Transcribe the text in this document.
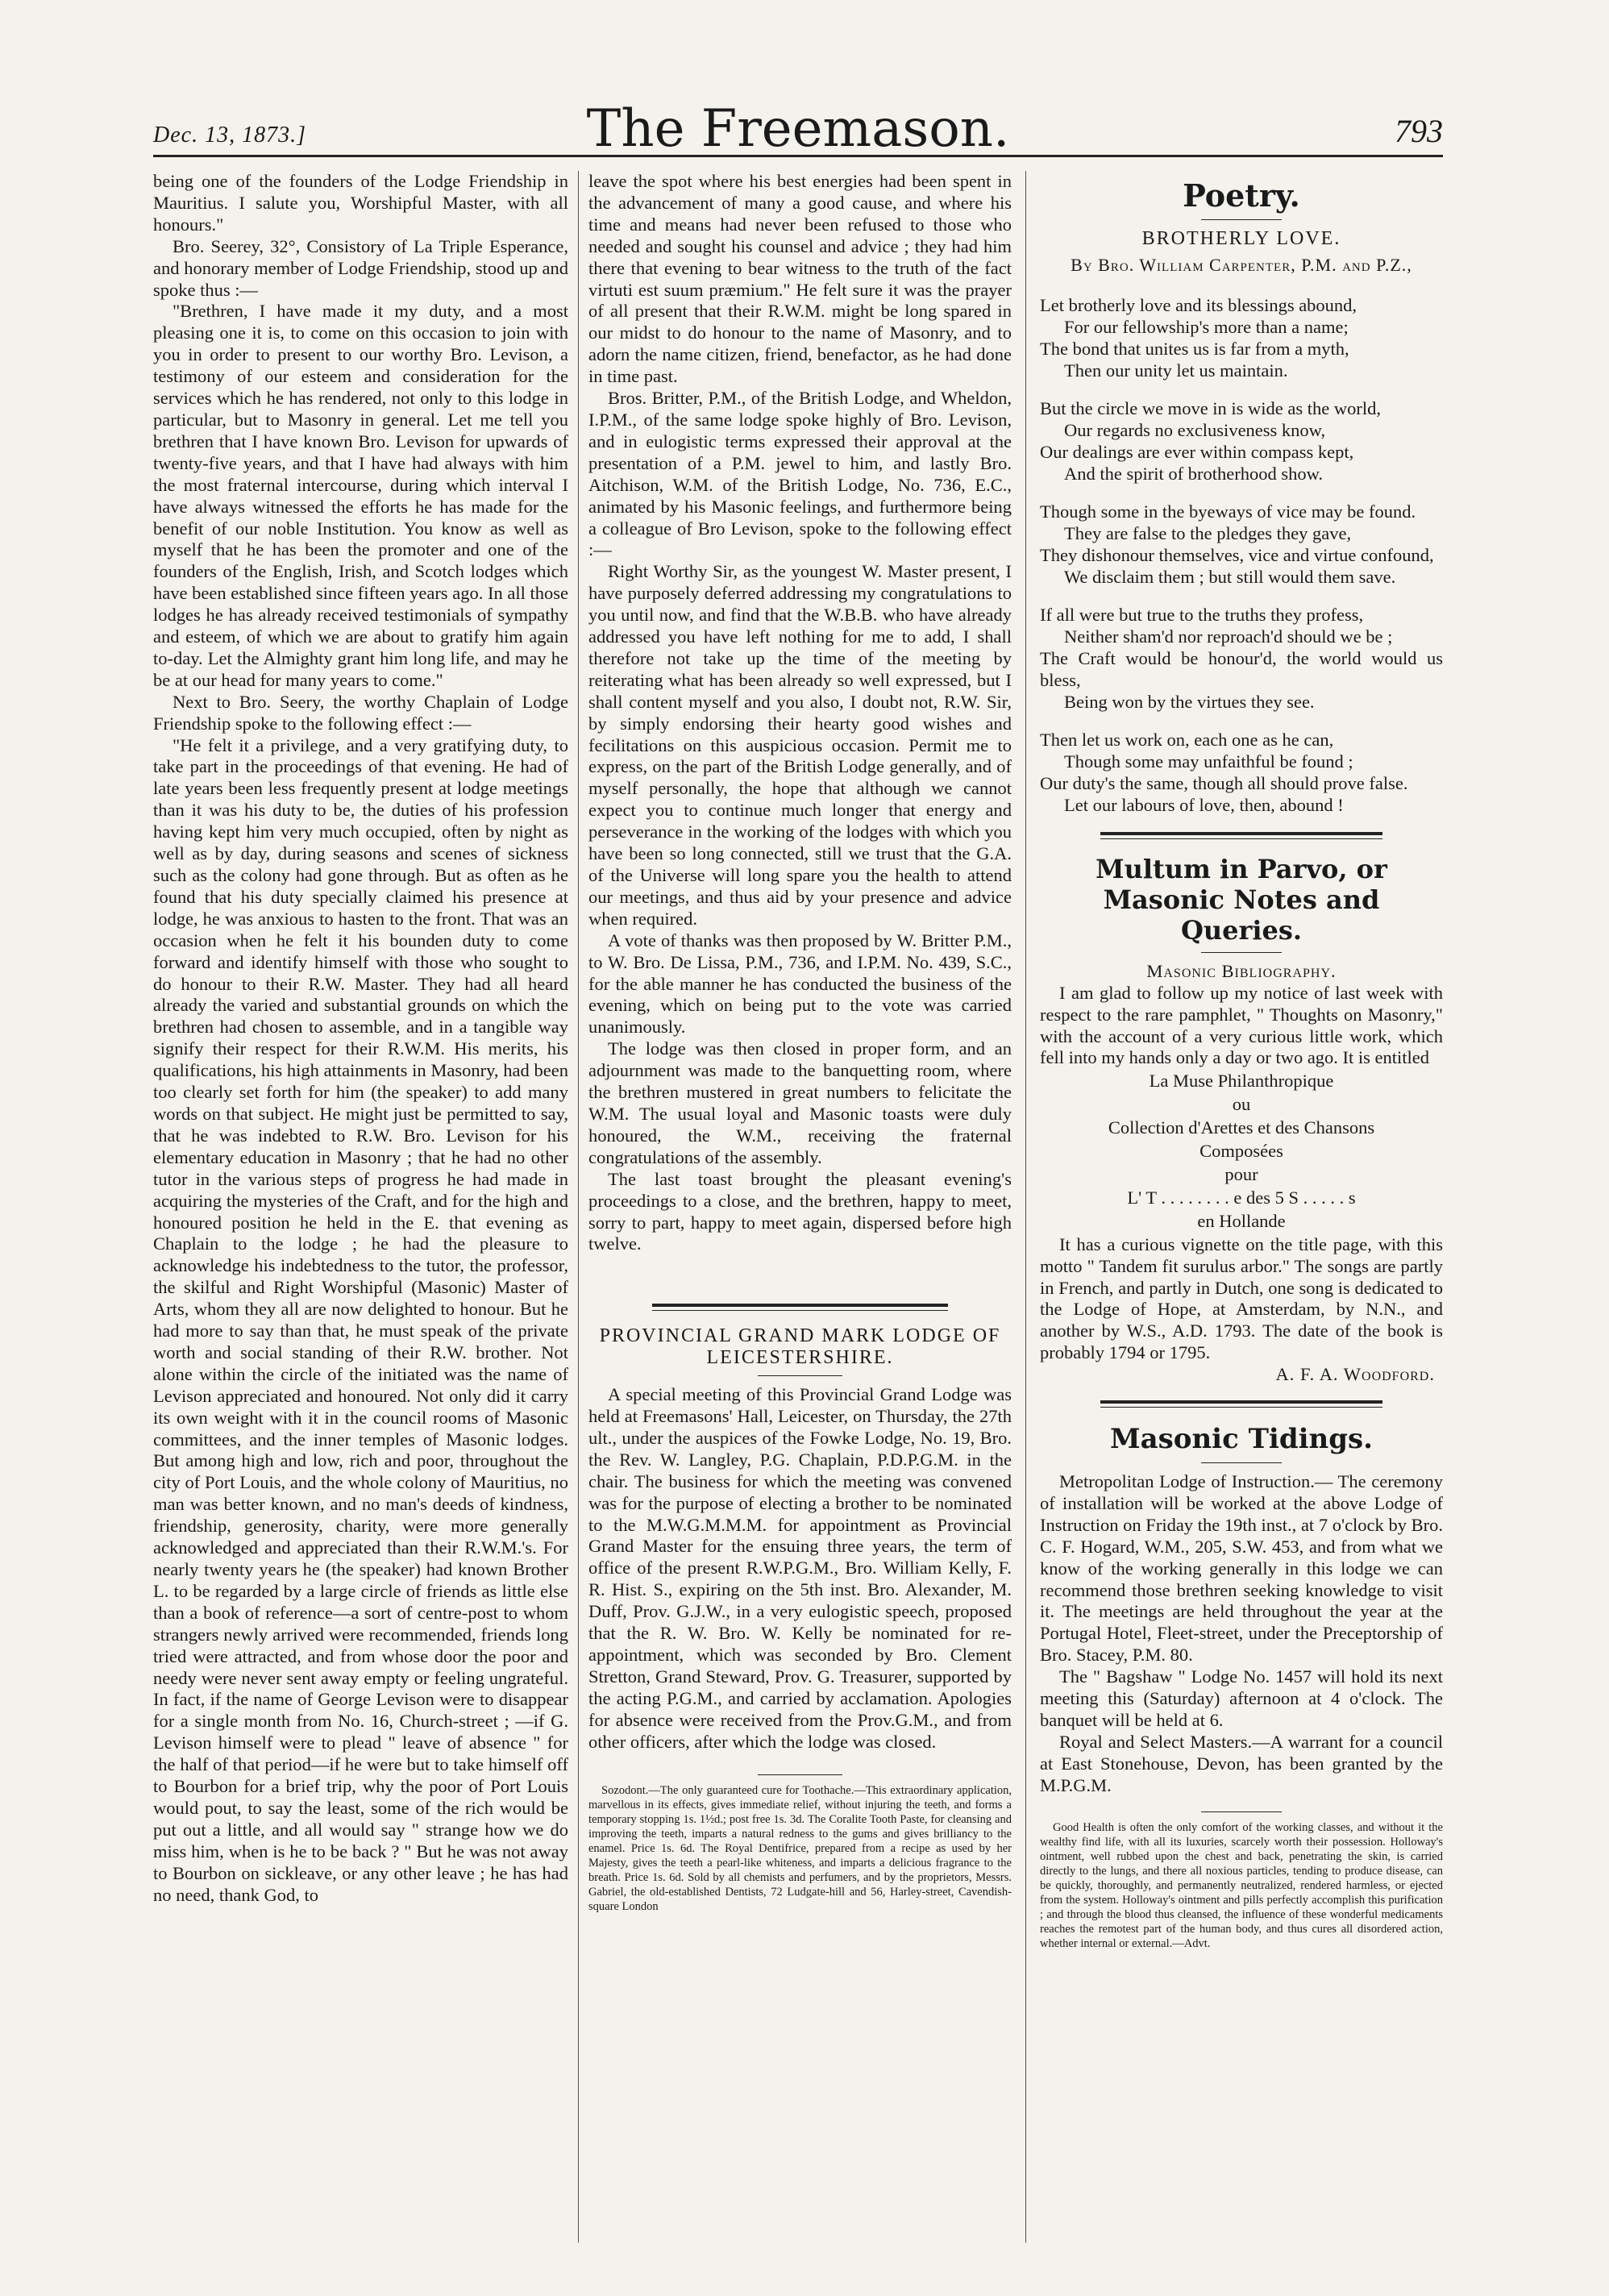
Dec. 13, 1873.]	The Freemason.	793

being one of the founders of the Lodge Friendship in Mauritius. I salute you, Worshipful Master, with all honours."

Bro. Seerey, 32°, Consistory of La Triple Esperance, and honorary member of Lodge Friendship, stood up and spoke thus :—

"Brethren, I have made it my duty, and a most pleasing one it is, to come on this occasion to join with you in order to present to our worthy Bro. Levison, a testimony of our esteem and consideration for the services which he has rendered, not only to this lodge in particular, but to Masonry in general. Let me tell you brethren that I have known Bro. Levison for upwards of twenty-five years, and that I have had always with him the most fraternal intercourse, during which interval I have always witnessed the efforts he has made for the benefit of our noble Institution. You know as well as myself that he has been the promoter and one of the founders of the English, Irish, and Scotch lodges which have been established since fifteen years ago. In all those lodges he has already received testimonials of sympathy and esteem, of which we are about to gratify him again to-day. Let the Almighty grant him long life, and may he be at our head for many years to come."

Next to Bro. Seery, the worthy Chaplain of Lodge Friendship spoke to the following effect :—

"He felt it a privilege, and a very gratifying duty, to take part in the proceedings of that evening. He had of late years been less frequently present at lodge meetings than it was his duty to be, the duties of his profession having kept him very much occupied, often by night as well as by day, during seasons and scenes of sickness such as the colony had gone through. But as often as he found that his duty specially claimed his presence at lodge, he was anxious to hasten to the front. That was an occasion when he felt it his bounden duty to come forward and identify himself with those who sought to do honour to their R.W. Master. They had all heard already the varied and substantial grounds on which the brethren had chosen to assemble, and in a tangible way signify their respect for their R.W.M. His merits, his qualifications, his high attainments in Masonry, had been too clearly set forth for him (the speaker) to add many words on that subject. He might just be permitted to say, that he was indebted to R.W. Bro. Levison for his elementary education in Masonry ; that he had no other tutor in the various steps of progress he had made in acquiring the mysteries of the Craft, and for the high and honoured position he held in the E. that evening as Chaplain to the lodge ; he had the pleasure to acknowledge his indebtedness to the tutor, the professor, the skilful and Right Worshipful (Masonic) Master of Arts, whom they all are now delighted to honour. But he had more to say than that, he must speak of the private worth and social standing of their R.W. brother. Not alone within the circle of the initiated was the name of Levison appreciated and honoured. Not only did it carry its own weight with it in the council rooms of Masonic committees, and the inner temples of Masonic lodges. But among high and low, rich and poor, throughout the city of Port Louis, and the whole colony of Mauritius, no man was better known, and no man's deeds of kindness, friendship, generosity, charity, were more generally acknowledged and appreciated than their R.W.M.'s. For nearly twenty years he (the speaker) had known Brother L. to be regarded by a large circle of friends as little else than a book of reference—a sort of centre-post to whom strangers newly arrived were recommended, friends long tried were attracted, and from whose door the poor and needy were never sent away empty or feeling ungrateful. In fact, if the name of George Levison were to disappear for a single month from No. 16, Church-street ; —if G. Levison himself were to plead " leave of absence " for the half of that period—if he were but to take himself off to Bourbon for a brief trip, why the poor of Port Louis would pout, to say the least, some of the rich would be put out a little, and all would say " strange how we do miss him, when is he to be back ? " But he was not away to Bourbon on sickleave, or any other leave ; he has had no need, thank God, to

leave the spot where his best energies had been spent in the advancement of many a good cause, and where his time and means had never been refused to those who needed and sought his counsel and advice ; they had him there that evening to bear witness to the truth of the fact virtuti est suum præmium." He felt sure it was the prayer of all present that their R.W.M. might be long spared in our midst to do honour to the name of Masonry, and to adorn the name citizen, friend, benefactor, as he had done in time past.

Bros. Britter, P.M., of the British Lodge, and Wheldon, I.P.M., of the same lodge spoke highly of Bro. Levison, and in eulogistic terms expressed their approval at the presentation of a P.M. jewel to him, and lastly Bro. Aitchison, W.M. of the British Lodge, No. 736, E.C., animated by his Masonic feelings, and furthermore being a colleague of Bro Levison, spoke to the following effect :—

Right Worthy Sir, as the youngest W. Master present, I have purposely deferred addressing my congratulations to you until now, and find that the W.B.B. who have already addressed you have left nothing for me to add, I shall therefore not take up the time of the meeting by reiterating what has been already so well expressed, but I shall content myself and you also, I doubt not, R.W. Sir, by simply endorsing their hearty good wishes and fecilitations on this auspicious occasion. Permit me to express, on the part of the British Lodge generally, and of myself personally, the hope that although we cannot expect you to continue much longer that energy and perseverance in the working of the lodges with which you have been so long connected, still we trust that the G.A. of the Universe will long spare you the health to attend our meetings, and thus aid by your presence and advice when required.

A vote of thanks was then proposed by W. Britter P.M., to W. Bro. De Lissa, P.M., 736, and I.P.M. No. 439, S.C., for the able manner he has conducted the business of the evening, which on being put to the vote was carried unanimously.

The lodge was then closed in proper form, and an adjournment was made to the banquetting room, where the brethren mustered in great numbers to felicitate the W.M. The usual loyal and Masonic toasts were duly honoured, the W.M., receiving the fraternal congratulations of the assembly.

The last toast brought the pleasant evening's proceedings to a close, and the brethren, happy to meet, sorry to part, happy to meet again, dispersed before high twelve.

PROVINCIAL GRAND MARK LODGE OF LEICESTERSHIRE.

A special meeting of this Provincial Grand Lodge was held at Freemasons' Hall, Leicester, on Thursday, the 27th ult., under the auspices of the Fowke Lodge, No. 19, Bro. the Rev. W. Langley, P.G. Chaplain, P.D.P.G.M. in the chair. The business for which the meeting was convened was for the purpose of electing a brother to be nominated to the M.W.G.M.M.M. for appointment as Provincial Grand Master for the ensuing three years, the term of office of the present R.W.P.G.M., Bro. William Kelly, F. R. Hist. S., expiring on the 5th inst. Bro. Alexander, M. Duff, Prov. G.J.W., in a very eulogistic speech, proposed that the R. W. Bro. W. Kelly be nominated for re-appointment, which was seconded by Bro. Clement Stretton, Grand Steward, Prov. G. Treasurer, supported by the acting P.G.M., and carried by acclamation. Apologies for absence were received from the Prov.G.M., and from other officers, after which the lodge was closed.

Sozodont.—The only guaranteed cure for Toothache.—This extraordinary application, marvellous in its effects, gives immediate relief, without injuring the teeth, and forms a temporary stopping 1s. 1½d.; post free 1s. 3d. The Coralite Tooth Paste, for cleansing and improving the teeth, imparts a natural redness to the gums and gives brilliancy to the enamel. Price 1s. 6d. The Royal Dentifrice, prepared from a recipe as used by her Majesty, gives the teeth a pearl-like whiteness, and imparts a delicious fragrance to the breath. Price 1s. 6d. Sold by all chemists and perfumers, and by the proprietors, Messrs. Gabriel, the old-established Dentists, 72 Ludgate-hill and 56, Harley-street, Cavendish-square London

Poetry.
BROTHERLY LOVE.
By Bro. William Carpenter, P.M. and P.Z.,
Let brotherly love and its blessings abound,
For our fellowship's more than a name;
The bond that unites us is far from a myth,
Then our unity let us maintain.
But the circle we move in is wide as the world,
Our regards no exclusiveness know,
Our dealings are ever within compass kept,
And the spirit of brotherhood show.
Though some in the byeways of vice may be found.
They are false to the pledges they gave,
They dishonour themselves, vice and virtue confound,
We disclaim them ; but still would them save.
If all were but true to the truths they profess,
Neither sham'd nor reproach'd should we be ;
The Craft would be honour'd, the world would us bless,
Being won by the virtues they see.
Then let us work on, each one as he can,
Though some may unfaithful be found ;
Our duty's the same, though all should prove false.
Let our labours of love, then, abound !
Multum in Parvo, or Masonic Notes and Queries.
Masonic Bibliography.

I am glad to follow up my notice of last week with respect to the rare pamphlet, " Thoughts on Masonry," with the account of a very curious little work, which fell into my hands only a day or two ago. It is entitled

La Muse Philanthropique
ou
Collection d'Arettes et des Chansons
Composées
pour
L' T . . . . . . . . e des 5 S . . . . . s
en Hollande

It has a curious vignette on the title page, with this motto " Tandem fit surulus arbor." The songs are partly in French, and partly in Dutch, one song is dedicated to the Lodge of Hope, at Amsterdam, by N.N., and another by W.S., A.D. 1793. The date of the book is probably 1794 or 1795.

A. F. A. Woodford.

Masonic Tidings.

Metropolitan Lodge of Instruction.— The ceremony of installation will be worked at the above Lodge of Instruction on Friday the 19th inst., at 7 o'clock by Bro. C. F. Hogard, W.M., 205, S.W. 453, and from what we know of the working generally in this lodge we can recommend those brethren seeking knowledge to visit it. The meetings are held throughout the year at the Portugal Hotel, Fleet-street, under the Preceptorship of Bro. Stacey, P.M. 80.

The " Bagshaw " Lodge No. 1457 will hold its next meeting this (Saturday) afternoon at 4 o'clock. The banquet will be held at 6.

Royal and Select Masters.—A warrant for a council at East Stonehouse, Devon, has been granted by the M.P.G.M.

Good Health is often the only comfort of the working classes, and without it the wealthy find life, with all its luxuries, scarcely worth their possession. Holloway's ointment, well rubbed upon the chest and back, penetrating the skin, is carried directly to the lungs, and there all noxious particles, tending to produce disease, can be quickly, thoroughly, and permanently neutralized, rendered harmless, or ejected from the system. Holloway's ointment and pills perfectly accomplish this purification ; and through the blood thus cleansed, the influence of these wonderful medicaments reaches the remotest part of the human body, and thus cures all disordered action, whether internal or external.—Advt.
